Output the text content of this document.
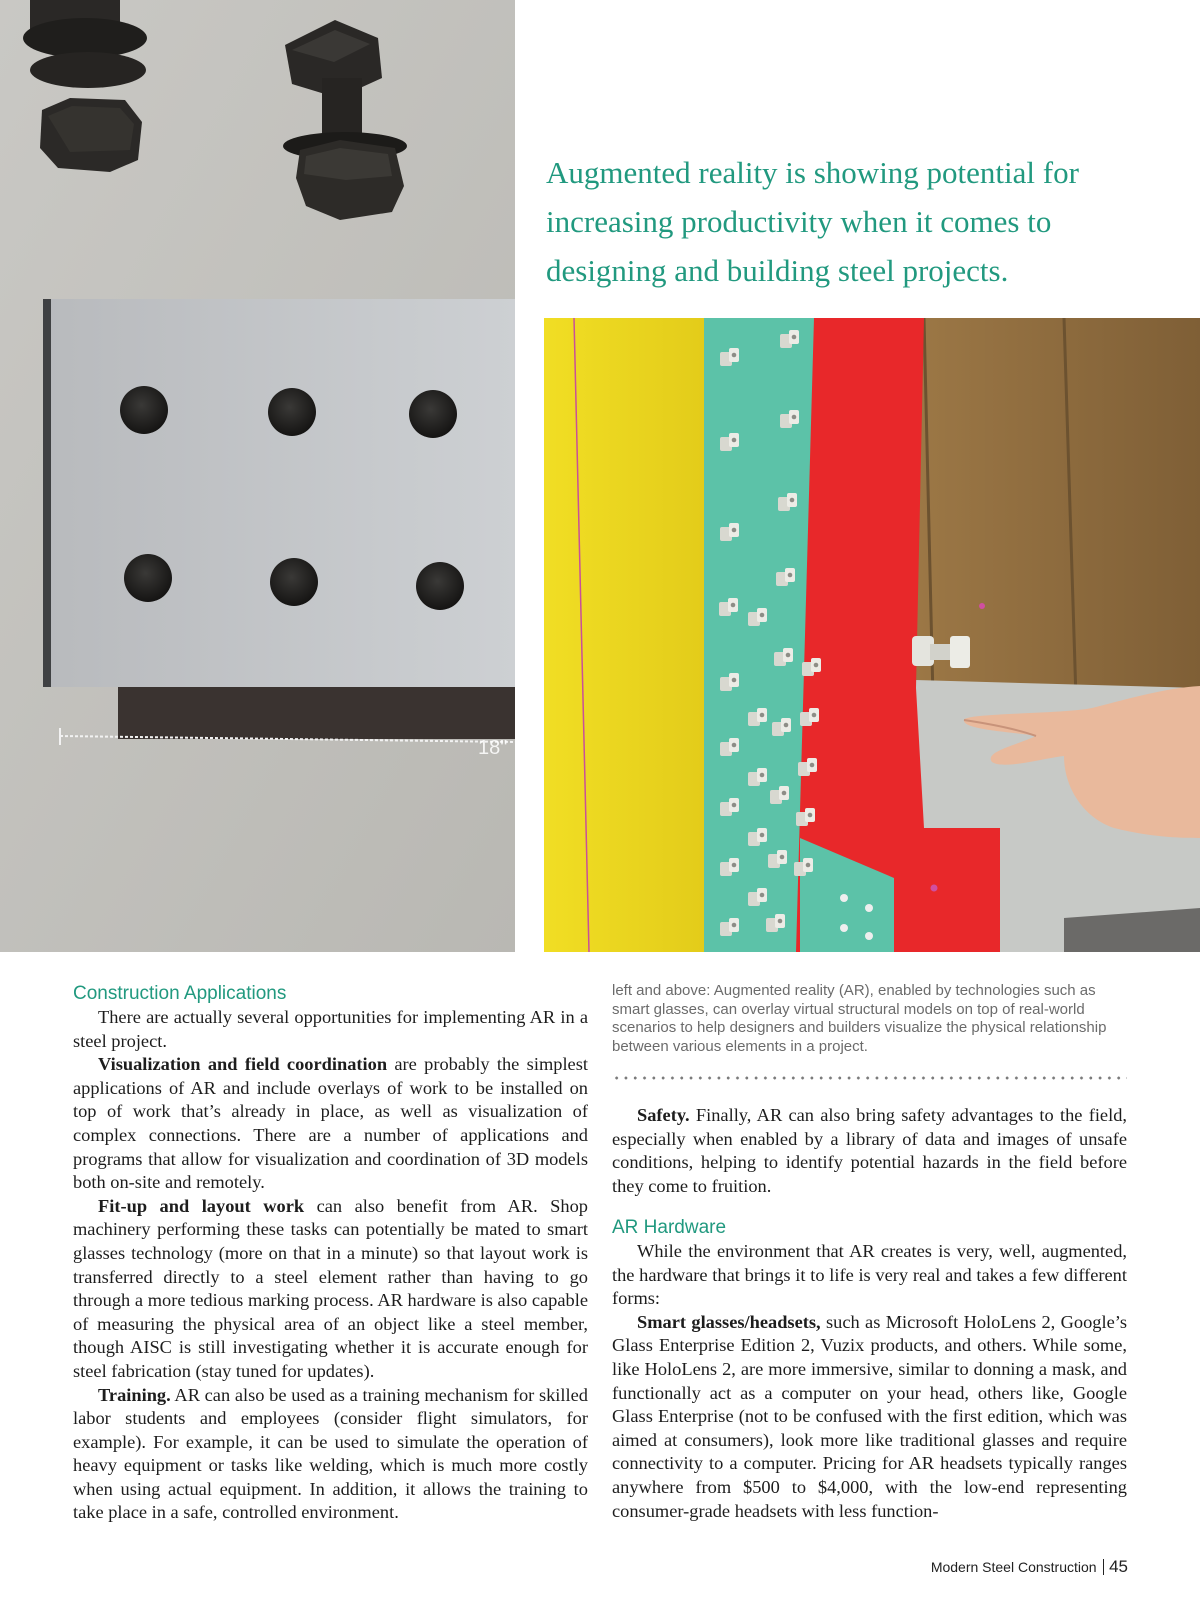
18"

Augmented reality is showing potential for increasing productivity when it comes to designing and building steel projects.

Construction Applications

There are actually several opportunities for implementing AR in a steel project.

Visualization and field coordination are probably the simplest applications of AR and include overlays of work to be installed on top of work that’s already in place, as well as visualization of complex connections. There are a number of applications and programs that allow for visualization and coordination of 3D models both on-site and remotely.

Fit-up and layout work can also benefit from AR. Shop machinery performing these tasks can potentially be mated to smart glasses technology (more on that in a minute) so that layout work is transferred directly to a steel element rather than having to go through a more tedious marking process. AR hardware is also capable of measuring the physical area of an object like a steel member, though AISC is still investigating whether it is accurate enough for steel fabrication (stay tuned for updates).

Training. AR can also be used as a training mechanism for skilled labor students and employees (consider flight simulators, for example). For example, it can be used to simulate the operation of heavy equipment or tasks like welding, which is much more costly when using actual equipment. In addition, it allows the training to take place in a safe, controlled environment.

left and above: Augmented reality (AR), enabled by technologies such as smart glasses, can overlay virtual structural models on top of real-world scenarios to help designers and builders visualize the physical relationship between various elements in a project.

Safety. Finally, AR can also bring safety advantages to the field, especially when enabled by a library of data and images of unsafe conditions, helping to identify potential hazards in the field before they come to fruition.

AR Hardware

While the environment that AR creates is very, well, augmented, the hardware that brings it to life is very real and takes a few different forms:

Smart glasses/headsets, such as Microsoft HoloLens 2, Google’s Glass Enterprise Edition 2, Vuzix products, and others. While some, like HoloLens 2, are more immersive, similar to donning a mask, and functionally act as a computer on your head, others like, Google Glass Enterprise (not to be confused with the first edition, which was aimed at consumers), look more like traditional glasses and require connectivity to a computer. Pricing for AR headsets typically ranges anywhere from $500 to $4,000, with the low-end representing consumer-grade headsets with less function-

Modern Steel Construction 45
